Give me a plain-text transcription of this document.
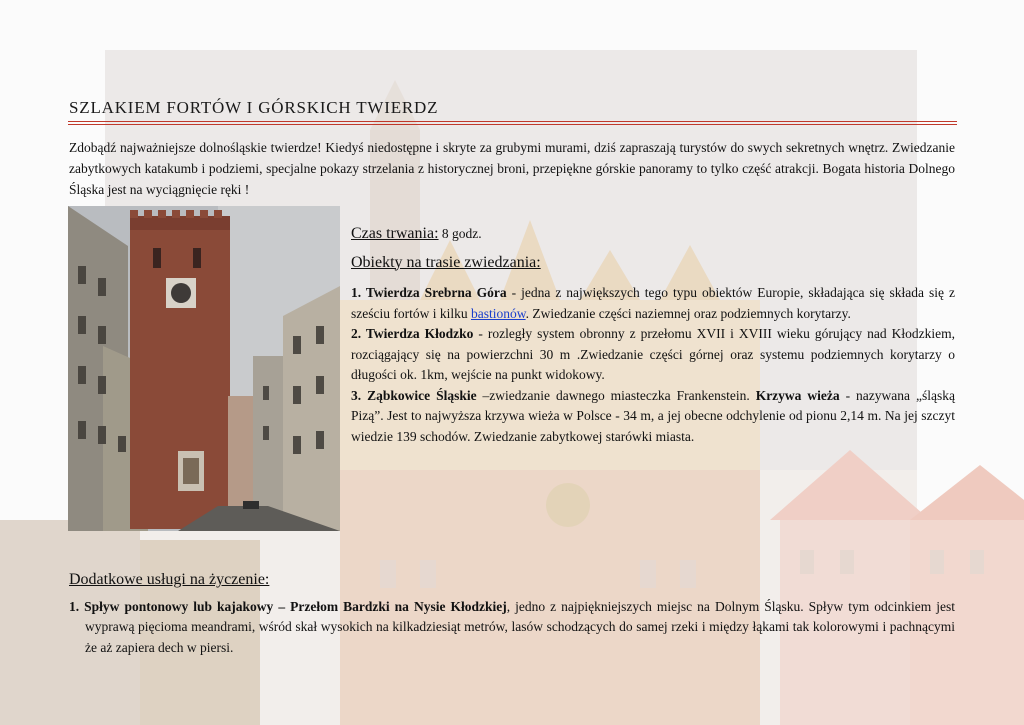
SZLAKIEM FORTÓW I GÓRSKICH TWIERDZ

Zdobądź najważniejsze dolnośląskie twierdze! Kiedyś niedostępne i skryte za grubymi murami, dziś zapraszają turystów do swych sekretnych wnętrz. Zwiedzanie zabytkowych katakumb i podziemi, specjalne pokazy strzelania z historycznej broni, przepiękne górskie panoramy to tylko część atrakcji. Bogata historia Dolnego Śląska jest na wyciągnięcie ręki !

Czas trwania: 8 godz.

Obiekty na trasie zwiedzania:

1. Twierdza Srebrna Góra - jedna z największych tego typu obiektów Europie, składająca się składa się z sześciu fortów i kilku bastionów. Zwiedzanie części naziemnej oraz podziemnych korytarzy.

2. Twierdza Kłodzko - rozległy system obronny z przełomu XVII i XVIII wieku górujący nad Kłodzkiem, rozciągający się na powierzchni 30 m .Zwiedzanie części górnej oraz systemu podziemnych korytarzy o długości ok. 1km, wejście na punkt widokowy.

3. Ząbkowice Śląskie –zwiedzanie dawnego miasteczka Frankenstein. Krzywa wieża - nazywana „śląską Pizą”. Jest to najwyższa krzywa wieża w Polsce - 34 m, a jej obecne odchylenie od pionu 2,14 m. Na jej szczyt wiedzie 139 schodów. Zwiedzanie zabytkowej starówki miasta.

Dodatkowe usługi na życzenie:
1. Spływ pontonowy lub kajakowy – Przełom Bardzki na Nysie Kłodzkiej, jedno z najpiękniejszych miejsc na Dolnym Śląsku. Spływ tym odcinkiem jest wyprawą pięcioma meandrami, wśród skał wysokich na kilkadziesiąt metrów, lasów schodzących do samej rzeki i między łąkami tak kolorowymi i pachnącymi że aż zapiera dech w piersi.
